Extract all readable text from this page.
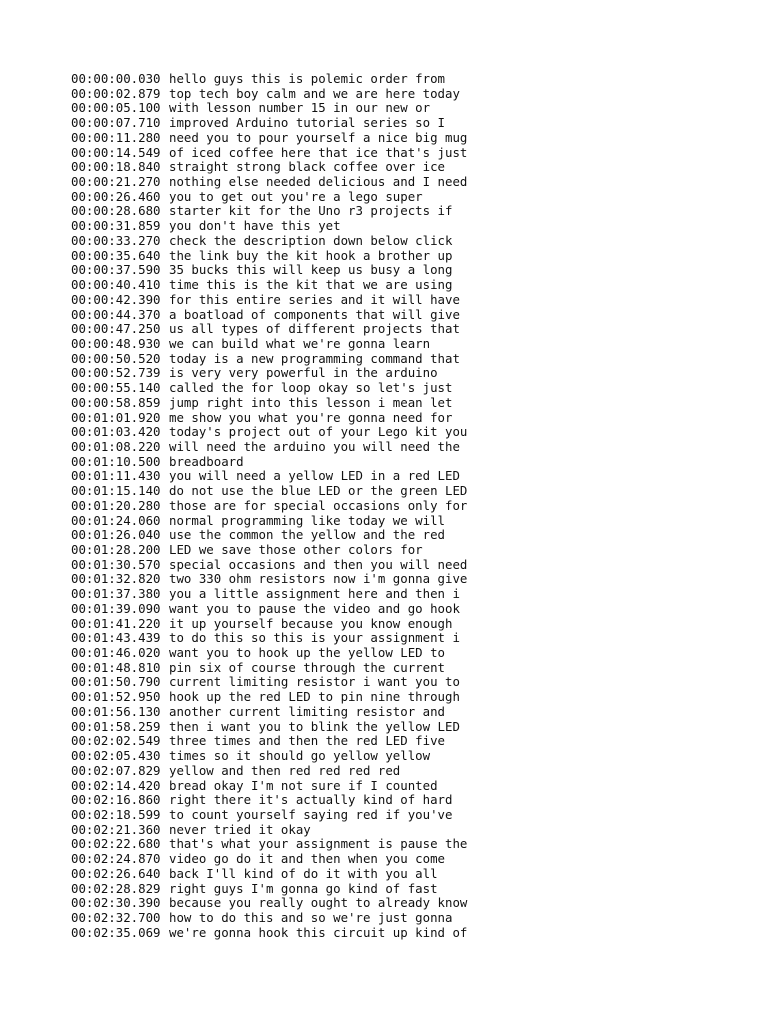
00:00:00.030 hello guys this is polemic order from
00:00:02.879 top tech boy calm and we are here today
00:00:05.100 with lesson number 15 in our new or
00:00:07.710 improved Arduino tutorial series so I
00:00:11.280 need you to pour yourself a nice big mug
00:00:14.549 of iced coffee here that ice that's just
00:00:18.840 straight strong black coffee over ice
00:00:21.270 nothing else needed delicious and I need
00:00:26.460 you to get out you're a lego super
00:00:28.680 starter kit for the Uno r3 projects if
00:00:31.859 you don't have this yet
00:00:33.270 check the description down below click
00:00:35.640 the link buy the kit hook a brother up
00:00:37.590 35 bucks this will keep us busy a long
00:00:40.410 time this is the kit that we are using
00:00:42.390 for this entire series and it will have
00:00:44.370 a boatload of components that will give
00:00:47.250 us all types of different projects that
00:00:48.930 we can build what we're gonna learn
00:00:50.520 today is a new programming command that
00:00:52.739 is very very powerful in the arduino
00:00:55.140 called the for loop okay so let's just
00:00:58.859 jump right into this lesson i mean let
00:01:01.920 me show you what you're gonna need for
00:01:03.420 today's project out of your Lego kit you
00:01:08.220 will need the arduino you will need the
00:01:10.500 breadboard
00:01:11.430 you will need a yellow LED in a red LED
00:01:15.140 do not use the blue LED or the green LED
00:01:20.280 those are for special occasions only for
00:01:24.060 normal programming like today we will
00:01:26.040 use the common the yellow and the red
00:01:28.200 LED we save those other colors for
00:01:30.570 special occasions and then you will need
00:01:32.820 two 330 ohm resistors now i'm gonna give
00:01:37.380 you a little assignment here and then i
00:01:39.090 want you to pause the video and go hook
00:01:41.220 it up yourself because you know enough
00:01:43.439 to do this so this is your assignment i
00:01:46.020 want you to hook up the yellow LED to
00:01:48.810 pin six of course through the current
00:01:50.790 current limiting resistor i want you to
00:01:52.950 hook up the red LED to pin nine through
00:01:56.130 another current limiting resistor and
00:01:58.259 then i want you to blink the yellow LED
00:02:02.549 three times and then the red LED five
00:02:05.430 times so it should go yellow yellow
00:02:07.829 yellow and then red red red red
00:02:14.420 bread okay I'm not sure if I counted
00:02:16.860 right there it's actually kind of hard
00:02:18.599 to count yourself saying red if you've
00:02:21.360 never tried it okay
00:02:22.680 that's what your assignment is pause the
00:02:24.870 video go do it and then when you come
00:02:26.640 back I'll kind of do it with you all
00:02:28.829 right guys I'm gonna go kind of fast
00:02:30.390 because you really ought to already know
00:02:32.700 how to do this and so we're just gonna
00:02:35.069 we're gonna hook this circuit up kind of
